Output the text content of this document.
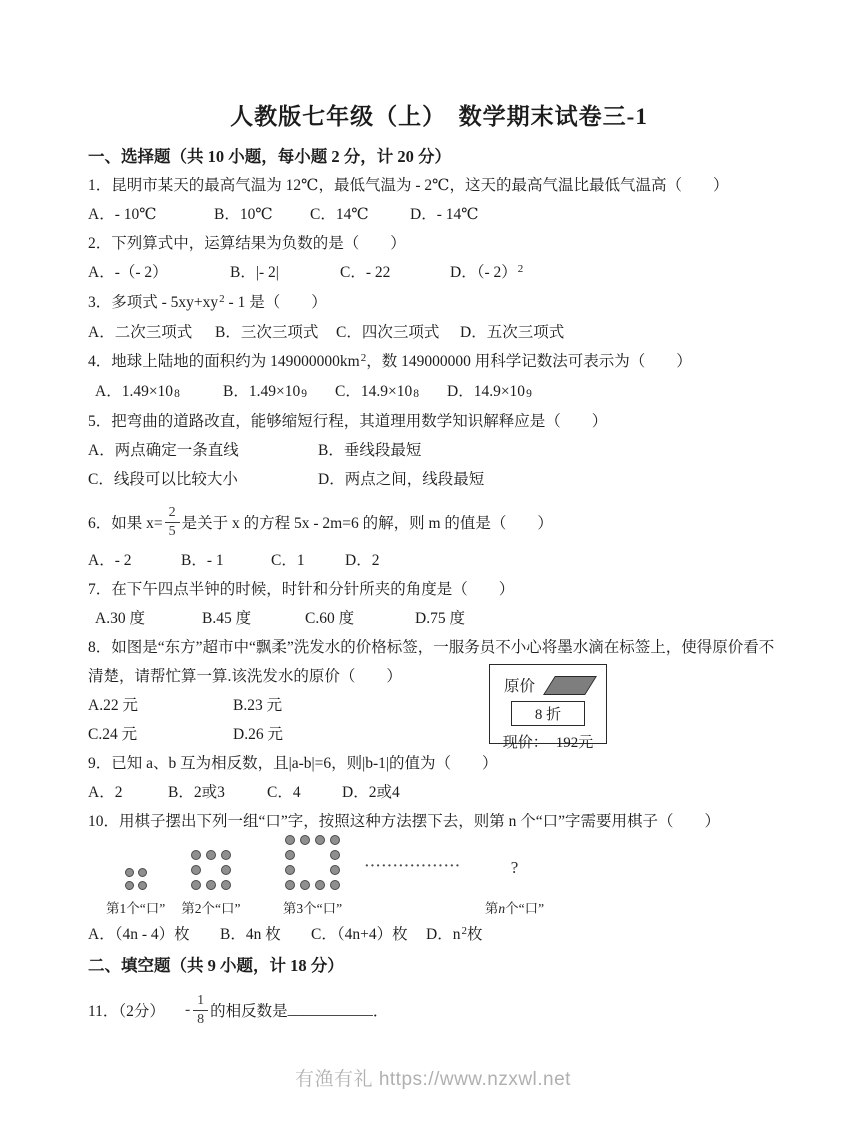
人教版七年级（上）　数学期末试卷三-1
一、选择题（共 10 小题，每小题 2 分，计 20 分）
1．昆明市某天的最高气温为 12℃，最低气温为 - 2℃，这天的最高气温比最低气温高（　　）
A．- 10℃	B．10℃	C．14℃	D．- 14℃
2．下列算式中，运算结果为负数的是（　　）
A．-（- 2）	B．|- 2|	C．- 22	D．（- 2）$^2$
3．多项式 - $5xy+xy^2 - 1$ 是（　　）
A．二次三项式	B．三次三项式	C．四次三项式	D．五次三项式
4．地球上陆地的面积约为 $149000000km^2$，数 149000000 用科学记数法可表示为（　　）
A．1.49×108	B．1.49×109	C．14.9×108	D．14.9×109
5．把弯曲的道路改直，能够缩短行程，其道理用数学知识解释应是（　　）
A．两点确定一条直线	B．垂线段最短
C．线段可以比较大小	D．两点之间，线段最短
6．如果 $x= \frac{2}{5}$ 是关于 x 的方程 5x - 2m=6 的解，则 m 的值是（　　）
A．- 2	B．- 1	C．1	D．2
7．在下午四点半钟的时候，时针和分针所夹的角度是（　　）
A.30 度	B.45 度	C.60 度	D.75 度
8．如图是“东方”超市中“飘柔”洗发水的价格标签，一服务员不小心将墨水滴在标签上，使得原价看不
清楚，请帮忙算一算.该洗发水的原价（　　）
A.22 元	B.23 元
C.24 元	D.26 元
原价
8 折
现价： 192元
9．已知 a、b 互为相反数，且|a-b|=6，则|b-1|的值为（　　）
A．2	B．2或3	C．4	D．2或4
10．用棋子摆出下列一组“口”字，按照这种方法摆下去，则第 n 个“口”字需要用棋子（　　）
第1个“口” 第2个“口”	第3个“口”
·················	?
第n个“口”
A．（4n - 4）枚	B．4n 枚	C．（4n+4）枚	D．$n^2$枚
二、填空题（共 9 小题，计 18 分）
11．（2分） - $\frac{1}{8}$ 的相反数是 ___________ ．
有渔有礼 https://www.nzxwl.net
